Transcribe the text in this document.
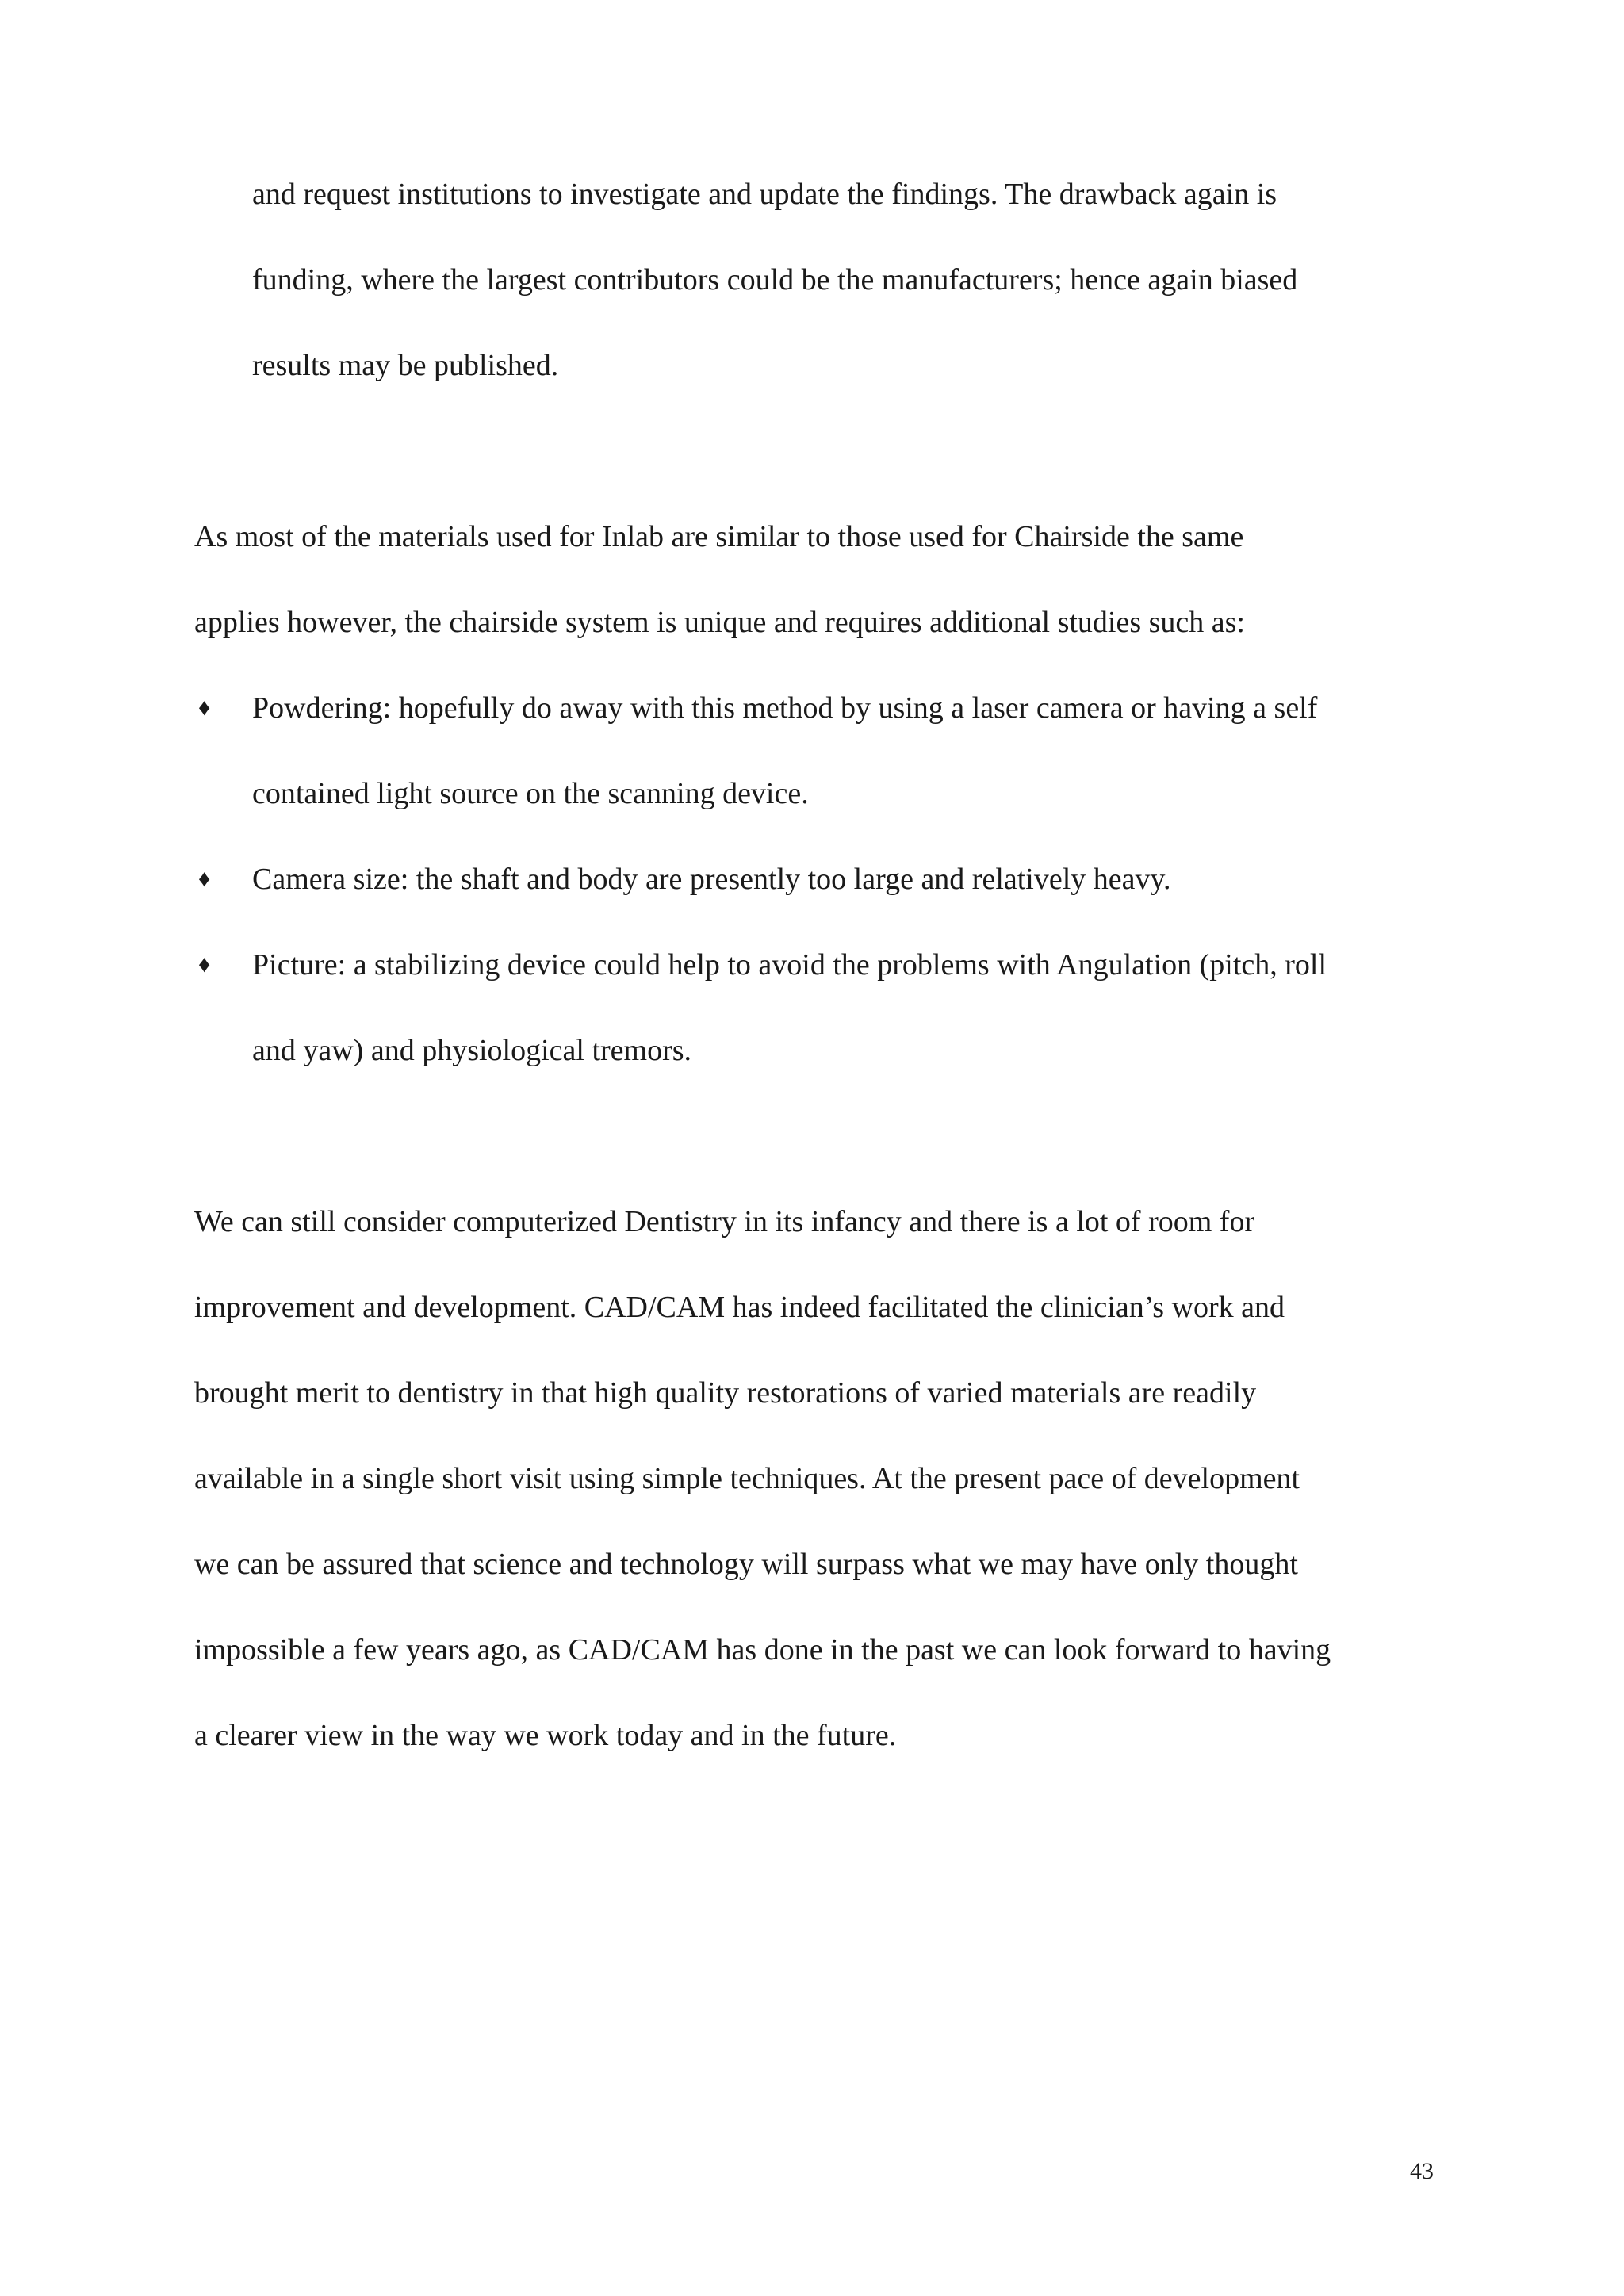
and request institutions to investigate and update the findings. The drawback again is
funding, where the largest contributors could be the manufacturers; hence again biased
results may be published.
As most of the materials used for Inlab are similar to those used for Chairside the same
applies however, the chairside system is unique and requires additional studies such as:
♦ Powdering: hopefully do away with this method by using a laser camera or having a self
contained light source on the scanning device.
♦ Camera size: the shaft and body are presently too large and relatively heavy.
♦ Picture: a stabilizing device could help to avoid the problems with Angulation (pitch, roll
and yaw) and physiological tremors.
We can still consider computerized Dentistry in its infancy and there is a lot of room for
improvement and development. CAD/CAM has indeed facilitated the clinician’s work and
brought merit to dentistry in that high quality restorations of varied materials are readily
available in a single short visit using simple techniques. At the present pace of development
we can be assured that science and technology will surpass what we may have only thought
impossible a few years ago, as CAD/CAM has done in the past we can look forward to having
a clearer view in the way we work today and in the future.
43
